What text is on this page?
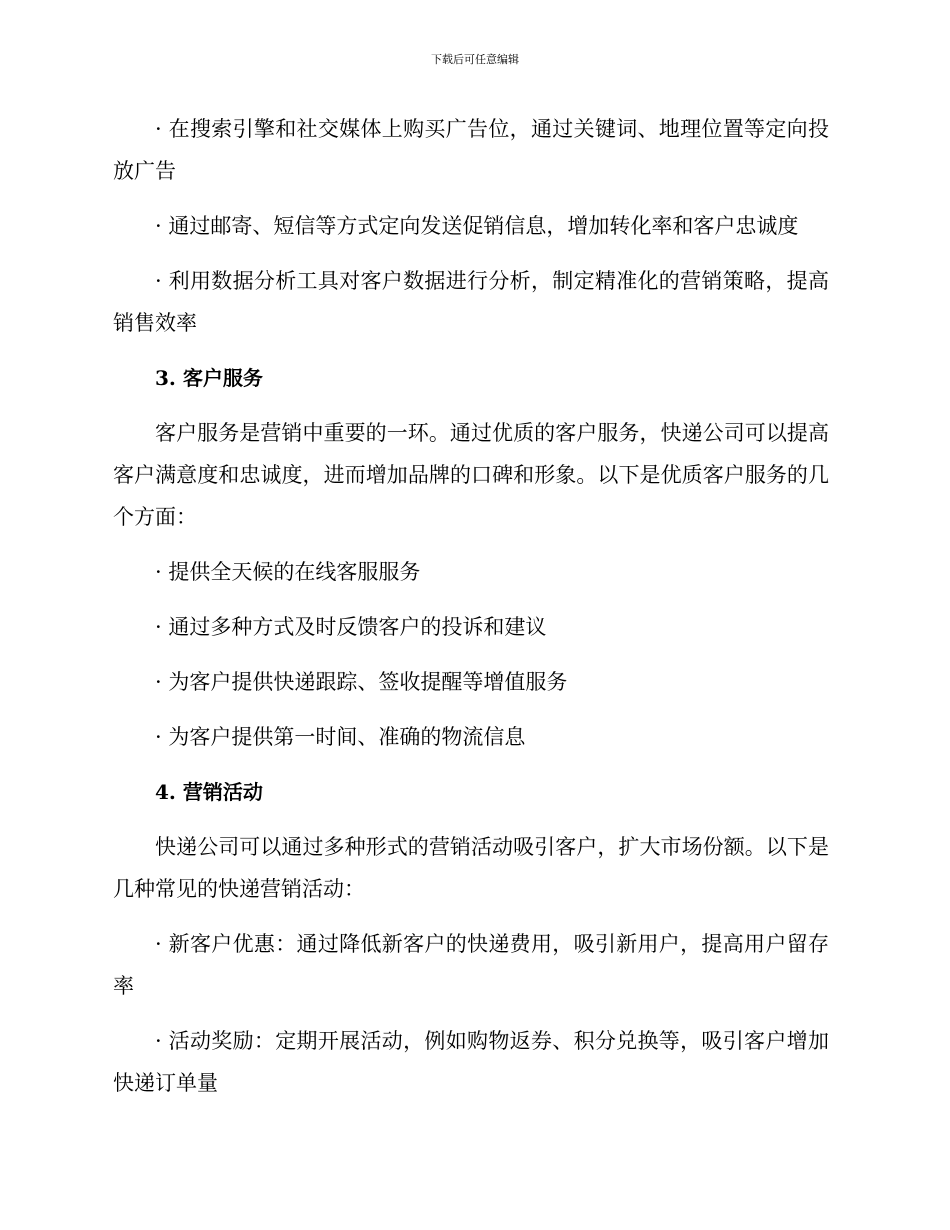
下载后可任意编辑

· 在搜索引擎和社交媒体上购买广告位，通过关键词、地理位置等定向投放广告

· 通过邮寄、短信等方式定向发送促销信息，增加转化率和客户忠诚度

· 利用数据分析工具对客户数据进行分析，制定精准化的营销策略，提高销售效率

3. 客户服务

客户服务是营销中重要的一环。通过优质的客户服务，快递公司可以提高客户满意度和忠诚度，进而增加品牌的口碑和形象。以下是优质客户服务的几个方面：

· 提供全天候的在线客服服务

· 通过多种方式及时反馈客户的投诉和建议

· 为客户提供快递跟踪、签收提醒等增值服务

· 为客户提供第一时间、准确的物流信息

4. 营销活动

快递公司可以通过多种形式的营销活动吸引客户，扩大市场份额。以下是几种常见的快递营销活动：

· 新客户优惠：通过降低新客户的快递费用，吸引新用户，提高用户留存率

· 活动奖励：定期开展活动，例如购物返券、积分兑换等，吸引客户增加快递订单量
